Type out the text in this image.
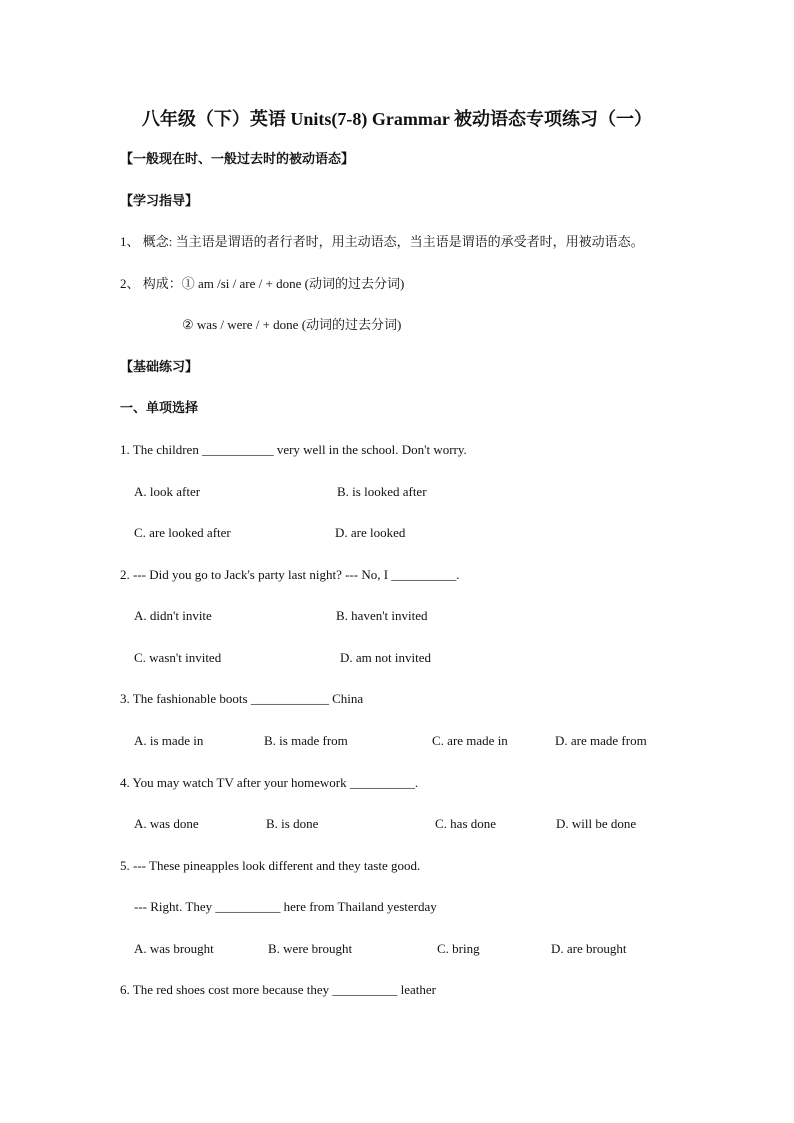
八年级（下）英语 Units(7-8) Grammar 被动语态专项练习（一）
【一般现在时、一般过去时的被动语态】
【学习指导】
1、 概念: 当主语是谓语的者行者时，用主动语态，当主语是谓语的承受者时，用被动语态。
2、 构成：① am /si / are / + done (动词的过去分词)
② was / were / + done (动词的过去分词)
【基础练习】
一、单项选择
1. The children ___________ very well in the school. Don't worry.
A. look after	B. is looked after
C. are looked after	D. are looked
2. --- Did you go to Jack's party last night? --- No, I __________.
A. didn't invite	B. haven't invited
C. wasn't invited	D. am not invited
3. The fashionable boots ____________ China
A. is made in	B. is made from	C. are made in	D. are made from
4. You may watch TV after your homework __________.
A. was done	B. is done	C. has done	D. will be done
5. --- These pineapples look different and they taste good.
--- Right. They __________ here from Thailand yesterday
A. was brought	B. were brought	C. bring	D. are brought
6. The red shoes cost more because they __________ leather
